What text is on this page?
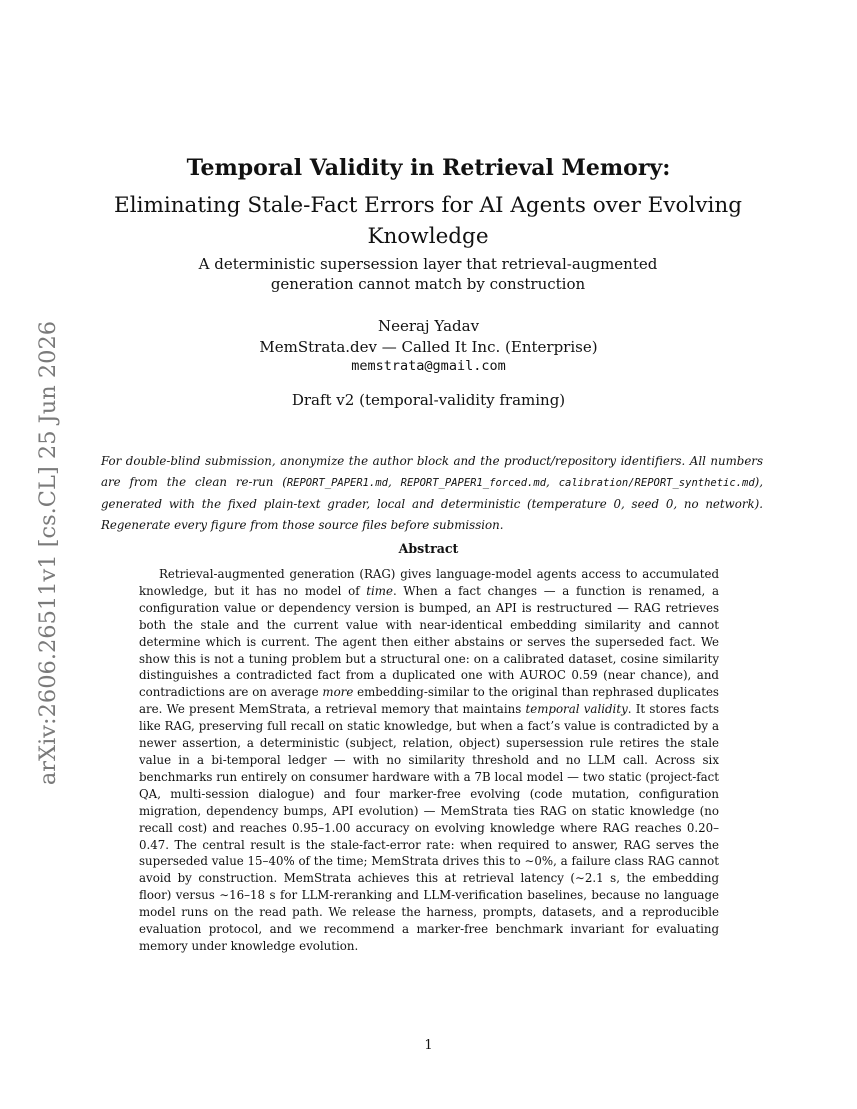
arXiv:2606.26511v1 [cs.CL] 25 Jun 2026
Temporal Validity in Retrieval Memory:
Eliminating Stale-Fact Errors for AI Agents over Evolving Knowledge
A deterministic supersession layer that retrieval-augmented generation cannot match by construction
Neeraj Yadav
MemStrata.dev — Called It Inc. (Enterprise)
memstrata@gmail.com
Draft v2 (temporal-validity framing)
For double-blind submission, anonymize the author block and the product/repository identifiers. All numbers are from the clean re-run (REPORT_PAPER1.md, REPORT_PAPER1_forced.md, calibration/REPORT_synthetic.md), generated with the fixed plain-text grader, local and deterministic (temperature 0, seed 0, no network). Regenerate every figure from those source files before submission.
Abstract
Retrieval-augmented generation (RAG) gives language-model agents access to accumulated knowledge, but it has no model of time. When a fact changes — a function is renamed, a configuration value or dependency version is bumped, an API is restructured — RAG retrieves both the stale and the current value with near-identical embedding similarity and cannot determine which is current. The agent then either abstains or serves the superseded fact. We show this is not a tuning problem but a structural one: on a calibrated dataset, cosine similarity distinguishes a contradicted fact from a duplicated one with AUROC 0.59 (near chance), and contradictions are on average more embedding-similar to the original than rephrased duplicates are. We present MemStrata, a retrieval memory that maintains temporal validity. It stores facts like RAG, preserving full recall on static knowledge, but when a fact’s value is contradicted by a newer assertion, a deterministic (subject, relation, object) supersession rule retires the stale value in a bi-temporal ledger — with no similarity threshold and no LLM call. Across six benchmarks run entirely on consumer hardware with a 7B local model — two static (project-fact QA, multi-session dialogue) and four marker-free evolving (code mutation, configuration migration, dependency bumps, API evolution) — MemStrata ties RAG on static knowledge (no recall cost) and reaches 0.95–1.00 accuracy on evolving knowledge where RAG reaches 0.20–0.47. The central result is the stale-fact-error rate: when required to answer, RAG serves the superseded value 15–40% of the time; MemStrata drives this to ∼0%, a failure class RAG cannot avoid by construction. MemStrata achieves this at retrieval latency (∼2.1 s, the embedding floor) versus ∼16–18 s for LLM-reranking and LLM-verification baselines, because no language model runs on the read path. We release the harness, prompts, datasets, and a reproducible evaluation protocol, and we recommend a marker-free benchmark invariant for evaluating memory under knowledge evolution.
1
